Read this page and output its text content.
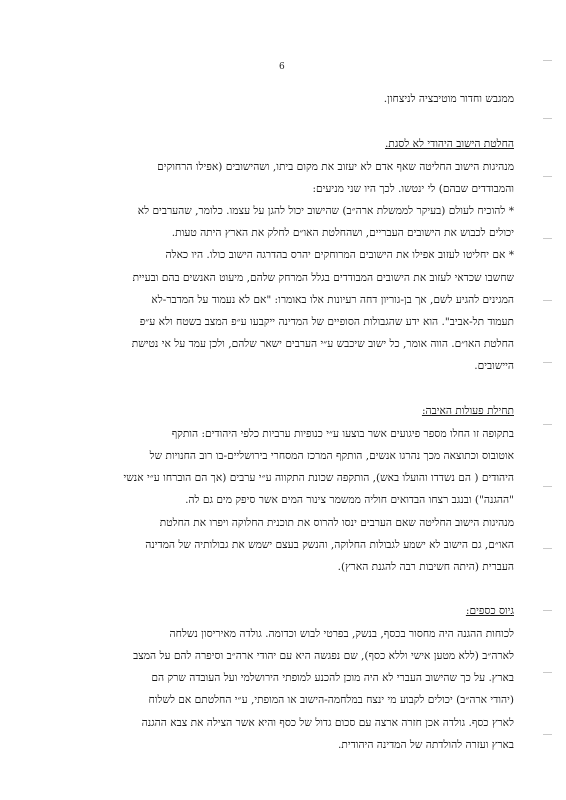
6
ממגבש וחדור מוטיבציה לניצחון.
החלטת הישוב היהודי לא לסגת.
מנהיגות הישוב החליטה שאף אדם לא יעזוב את מקום ביתו, ושהישובים (אפילו הרחוקים
והמבודדים שבהם) לי ינטשו. לכך היו שני מניעים:
* להוכיח לעולם (בעיקר לממשלת ארה״ב) שהישוב יכול להגן על עצמו. כלומר, שהערבים לא
יכולים לכבוש את הישובים העבריים, ושהחלטת האו״ם לחלק את הארץ היתה טעות.
* אם יחליטו לעזוב אפילו את הישובים המרוחקים יהרס בהדרגה הישוב כולו. היו כאלה
שחשבו שכדאי לעזוב את הישובים המבודדים בגלל המרחק שלהם, מיעוט האנשים בהם ובעיית
המגינים להגיע לשם, אך בן-גוריון דחה רעיונות אלו באומרו: "אם לא נעמוד על המדבר-לא
תעמוד תל-אביב". הוא ידע שהגבולות הסופיים של המדינה ייקבעו ע״פ המצב בשטח ולא ע״פ
החלטת האו״ם. הווה אומר, כל ישוב שיכבש ע״י הערבים ישאר שלהם, ולכן עמד על אי נטישת
היישובים.
תחילת פעולות האיבה:
בתקופה זו החלו מספר פיגועים אשר בוצעו ע״י כנופיות ערביות כלפי היהודים: הותקף
אוטובוס וכתוצאה מכך נהרגו אנשים, הותקף המרכז המסחרי בירושליים-בו רוב החנויות של
היהודים ( הם נשדדו והועלו באש), הותקפה שכונת התקווה ע״י ערבים (אך הם הוברחו ע״י אנשי
"ההגנה") ובנגב רצחו הבדואים חוליה ממשמר צינור המים אשר סיפק מים גם לה.
מנהיגות הישוב החליטה שאם הערבים ינסו להרוס את תוכנית החלוקה ויפרו את החלטת
האו״ם, גם הישוב לא ישמע לגבולות החלוקה, והנשק בעצם ישמש את גבולותיה של המדינה
העברית (היתה חשיבות רבה להגנת הארץ).
גיוס כספים:
לכוחות ההגנה היה מחסור בכסף, בנשק, בפרטי לבוש וכדומה. גולדה מאיריסון נשלחה
לארה״ב (ללא מטען אישי וללא כסף), שם נפגשה היא עם יהודי ארה״ב וסיפרה להם על המצב
בארץ. על כך שהישוב העברי לא היה מוכן להכנע למופתי הירושלמי ועל העובדה שרק הם
(יהודי ארה״ב) יכולים לקבוע מי ינצח במלחמה-הישוב או המופתי, ע״י החלטתם אם לשלוח
לארץ כסף. גולדה אכן חזרה ארצה עם סכום גדול של כסף והיא אשר הצילה את צבא ההגנה
בארץ ועזרה להולדתה של המדינה היהודית.
